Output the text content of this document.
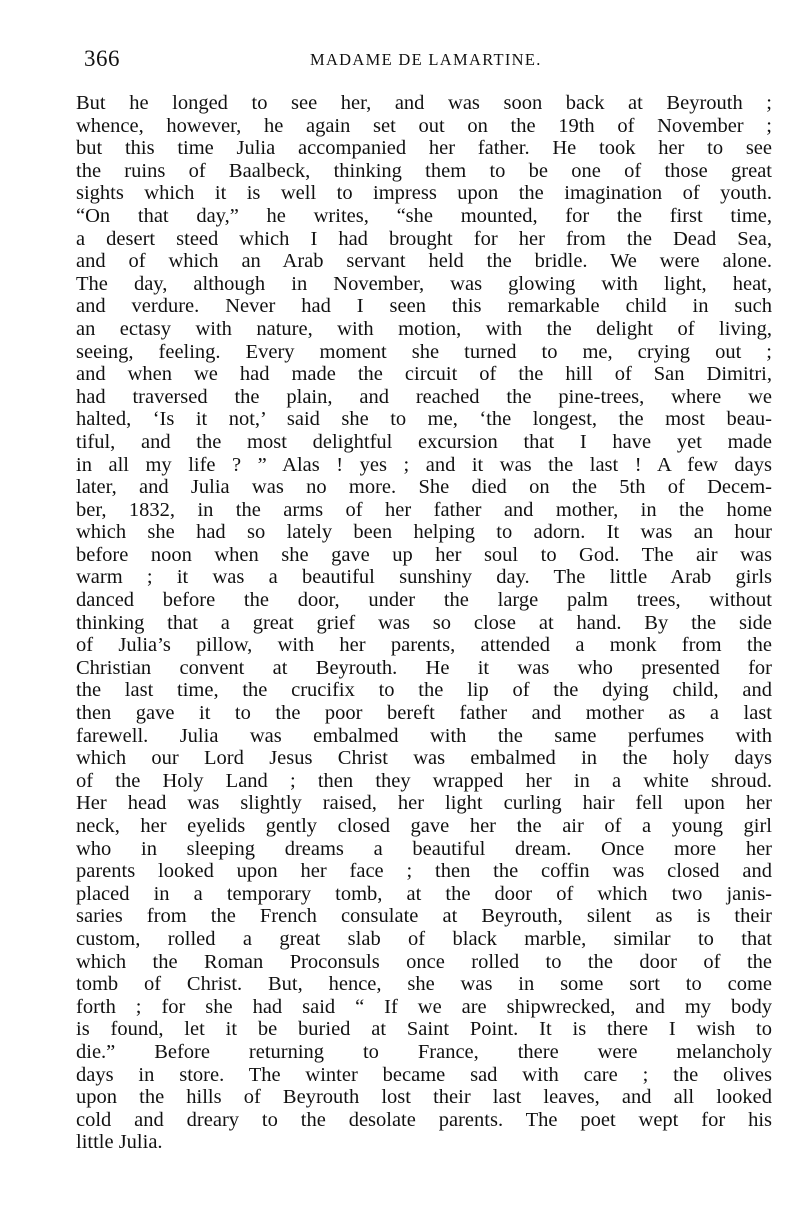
366	MADAME DE LAMARTINE.
But he longed to see her, and was soon back at Beyrouth ;
whence, however, he again set out on the 19th of November ;
but this time Julia accompanied her father. He took her to see
the ruins of Baalbeck, thinking them to be one of those great
sights which it is well to impress upon the imagination of youth.
“On that day,” he writes, “she mounted, for the first time,
a desert steed which I had brought for her from the Dead Sea,
and of which an Arab servant held the bridle. We were alone.
The day, although in November, was glowing with light, heat,
and verdure. Never had I seen this remarkable child in such
an ectasy with nature, with motion, with the delight of living,
seeing, feeling. Every moment she turned to me, crying out ;
and when we had made the circuit of the hill of San Dimitri,
had traversed the plain, and reached the pine-trees, where we
halted, ‘Is it not,’ said she to me, ‘the longest, the most beau-
tiful, and the most delightful excursion that I have yet made
in all my life ? ” Alas ! yes ; and it was the last ! A few days
later, and Julia was no more. She died on the 5th of Decem-
ber, 1832, in the arms of her father and mother, in the home
which she had so lately been helping to adorn. It was an hour
before noon when she gave up her soul to God. The air was
warm ; it was a beautiful sunshiny day. The little Arab girls
danced before the door, under the large palm trees, without
thinking that a great grief was so close at hand. By the side
of Julia’s pillow, with her parents, attended a monk from the
Christian convent at Beyrouth. He it was who presented for
the last time, the crucifix to the lip of the dying child, and
then gave it to the poor bereft father and mother as a last
farewell. Julia was embalmed with the same perfumes with
which our Lord Jesus Christ was embalmed in the holy days
of the Holy Land ; then they wrapped her in a white shroud.
Her head was slightly raised, her light curling hair fell upon her
neck, her eyelids gently closed gave her the air of a young girl
who in sleeping dreams a beautiful dream. Once more her
parents looked upon her face ; then the coffin was closed and
placed in a temporary tomb, at the door of which two janis-
saries from the French consulate at Beyrouth, silent as is their
custom, rolled a great slab of black marble, similar to that
which the Roman Proconsuls once rolled to the door of the
tomb of Christ. But, hence, she was in some sort to come
forth ; for she had said “ If we are shipwrecked, and my body
is found, let it be buried at Saint Point. It is there I wish to
die.” Before returning to France, there were melancholy
days in store. The winter became sad with care ; the olives
upon the hills of Beyrouth lost their last leaves, and all looked
cold and dreary to the desolate parents. The poet wept for his
little Julia.
